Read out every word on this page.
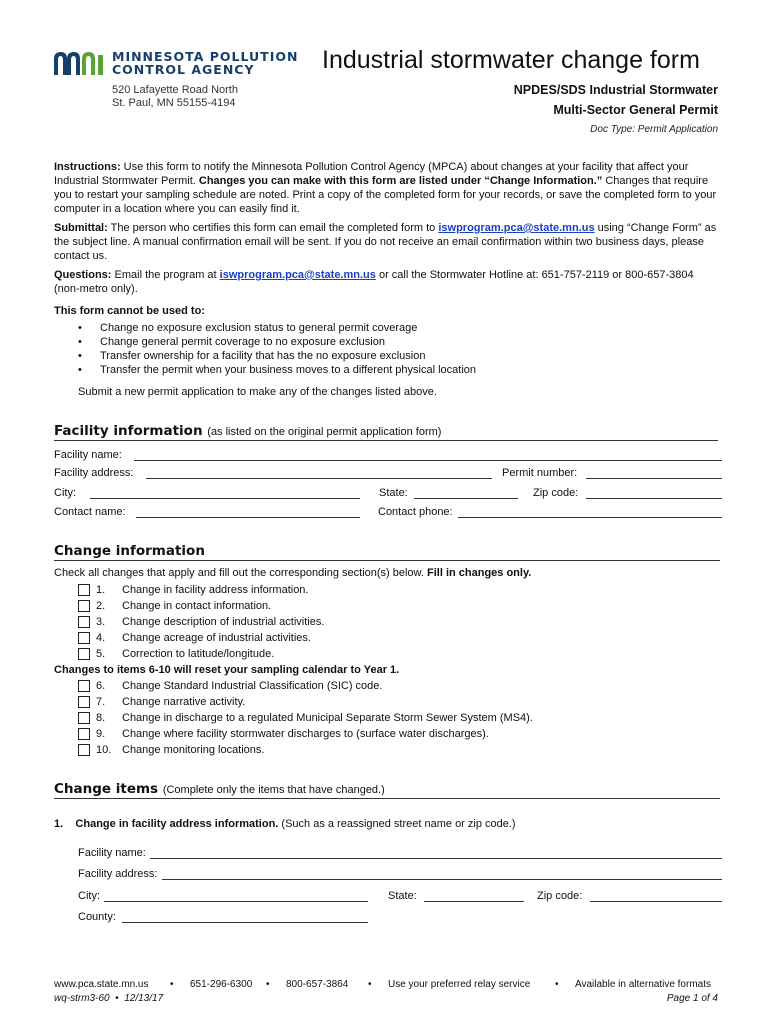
MINNESOTA POLLUTION
CONTROL AGENCY
520 Lafayette Road North
St. Paul, MN 55155-4194
Industrial stormwater change form
NPDES/SDS Industrial Stormwater
Multi-Sector General Permit
Doc Type: Permit Application
Instructions: Use this form to notify the Minnesota Pollution Control Agency (MPCA) about changes at your facility that affect your Industrial Stormwater Permit. Changes you can make with this form are listed under “Change Information.” Changes that require you to restart your sampling schedule are noted. Print a copy of the completed form for your records, or save the completed form to your computer in a location where you can easily find it.
Submittal: The person who certifies this form can email the completed form to iswprogram.pca@state.mn.us using “Change Form” as the subject line. A manual confirmation email will be sent. If you do not receive an email confirmation within two business days, please contact us.
Questions: Email the program at iswprogram.pca@state.mn.us or call the Stormwater Hotline at: 651-757-2119 or 800-657-3804 (non-metro only).
This form cannot be used to:
• Change no exposure exclusion status to general permit coverage
• Change general permit coverage to no exposure exclusion
• Transfer ownership for a facility that has the no exposure exclusion
• Transfer the permit when your business moves to a different physical location
Submit a new permit application to make any of the changes listed above.
Facility information (as listed on the original permit application form)
Facility name:
Facility address:	Permit number:
City:	State:	Zip code:
Contact name:	Contact phone:
Change information
Check all changes that apply and fill out the corresponding section(s) below. Fill in changes only.
1.	Change in facility address information.
2.	Change in contact information.
3.	Change description of industrial activities.
4.	Change acreage of industrial activities.
5.	Correction to latitude/longitude.
Changes to items 6-10 will reset your sampling calendar to Year 1.
6.	Change Standard Industrial Classification (SIC) code.
7.	Change narrative activity.
8.	Change in discharge to a regulated Municipal Separate Storm Sewer System (MS4).
9.	Change where facility stormwater discharges to (surface water discharges).
10. Change monitoring locations.
Change items (Complete only the items that have changed.)
1. Change in facility address information. (Such as a reassigned street name or zip code.)
Facility name:
Facility address:
City:	State:	Zip code:
County:
www.pca.state.mn.us • 651-296-6300 • 800-657-3864 • Use your preferred relay service • Available in alternative formats
wq-strm3-60 • 12/13/17	Page 1 of 4
